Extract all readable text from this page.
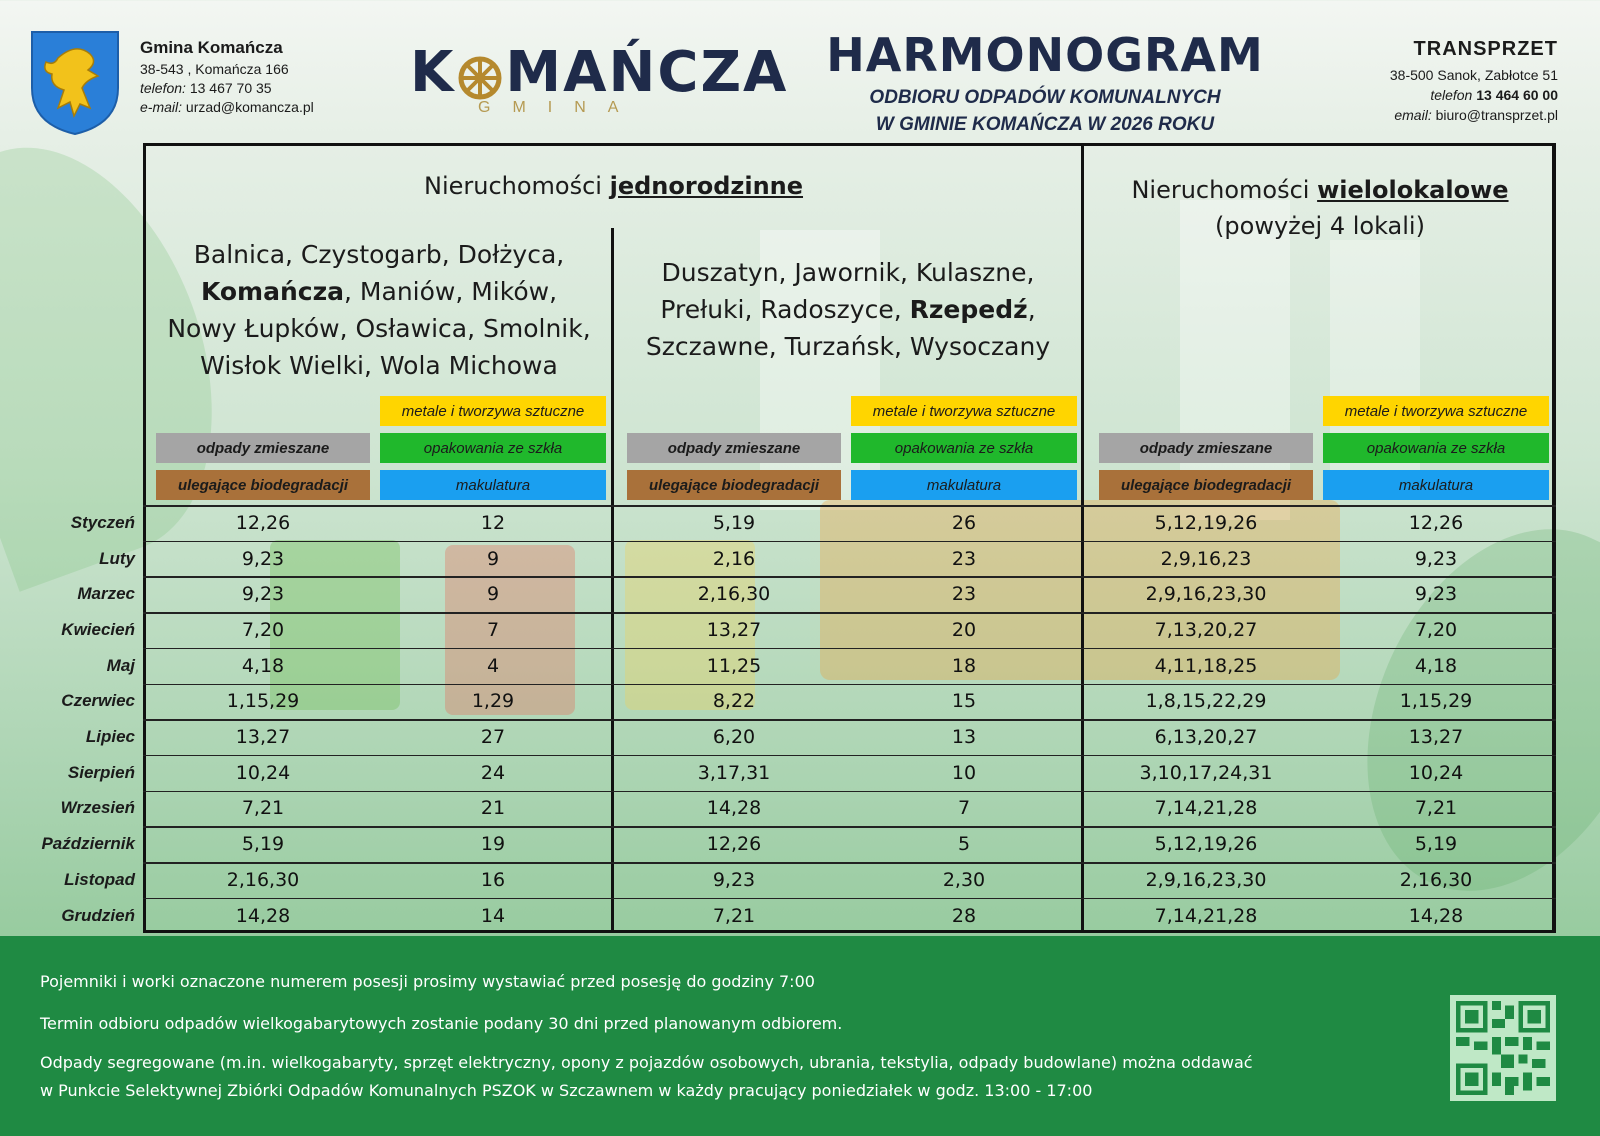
Gmina Komańcza
38-543 , Komańcza 166
telefon: 13 467 70 35
e-mail: urzad@komancza.pl
K MAŃCZA
GMINA
HARMONOGRAM
ODBIORU ODPADÓW KOMUNALNYCH
W GMINIE KOMAŃCZA W 2026 ROKU
TRANSPRZET
38-500 Sanok, Zabłotce 51
telefon 13 464 60 00
email: biuro@transprzet.pl
Nieruchomości jednorodzinne	Nieruchomości wielolokalowe
(powyżej 4 lokali)
Balnica, Czystogarb, Dołżyca,
Komańcza, Maniów, Mików,
Nowy Łupków, Osławica, Smolnik,
Wisłok Wielki, Wola Michowa
Duszatyn, Jawornik, Kulaszne,
Prełuki, Radoszyce, Rzepedź,
Szczawne, Turzańsk, Wysoczany
metale i tworzywa sztuczne
odpady zmieszane	opakowania ze szkła
ulegające biodegradacji	makulatura
metale i tworzywa sztuczne
odpady zmieszane	opakowania ze szkła
ulegające biodegradacji	makulatura
metale i tworzywa sztuczne
odpady zmieszane	opakowania ze szkła
ulegające biodegradacji	makulatura
Styczeń	12,26	12	5,19	26	5,12,19,26	12,26
Luty	9,23	9	2,16	23	2,9,16,23	9,23
Marzec	9,23	9	2,16,30	23	2,9,16,23,30	9,23
Kwiecień	7,20	7	13,27	20	7,13,20,27	7,20
Maj	4,18	4	11,25	18	4,11,18,25	4,18
Czerwiec	1,15,29	1,29	8,22	15	1,8,15,22,29	1,15,29
Lipiec	13,27	27	6,20	13	6,13,20,27	13,27
Sierpień	10,24	24	3,17,31	10	3,10,17,24,31	10,24
Wrzesień	7,21	21	14,28	7	7,14,21,28	7,21
Październik	5,19	19	12,26	5	5,12,19,26	5,19
Listopad	2,16,30	16	9,23	2,30	2,9,16,23,30	2,16,30
Grudzień	14,28	14	7,21	28	7,14,21,28	14,28
Pojemniki i worki oznaczone numerem posesji prosimy wystawiać przed posesję do godziny 7:00
Termin odbioru odpadów wielkogabarytowych zostanie podany 30 dni przed planowanym odbiorem.
Odpady segregowane (m.in. wielkogabaryty, sprzęt elektryczny, opony z pojazdów osobowych, ubrania, tekstylia, odpady budowlane) można oddawać
w Punkcie Selektywnej Zbiórki Odpadów Komunalnych PSZOK w Szczawnem w każdy pracujący poniedziałek w godz. 13:00 - 17:00
